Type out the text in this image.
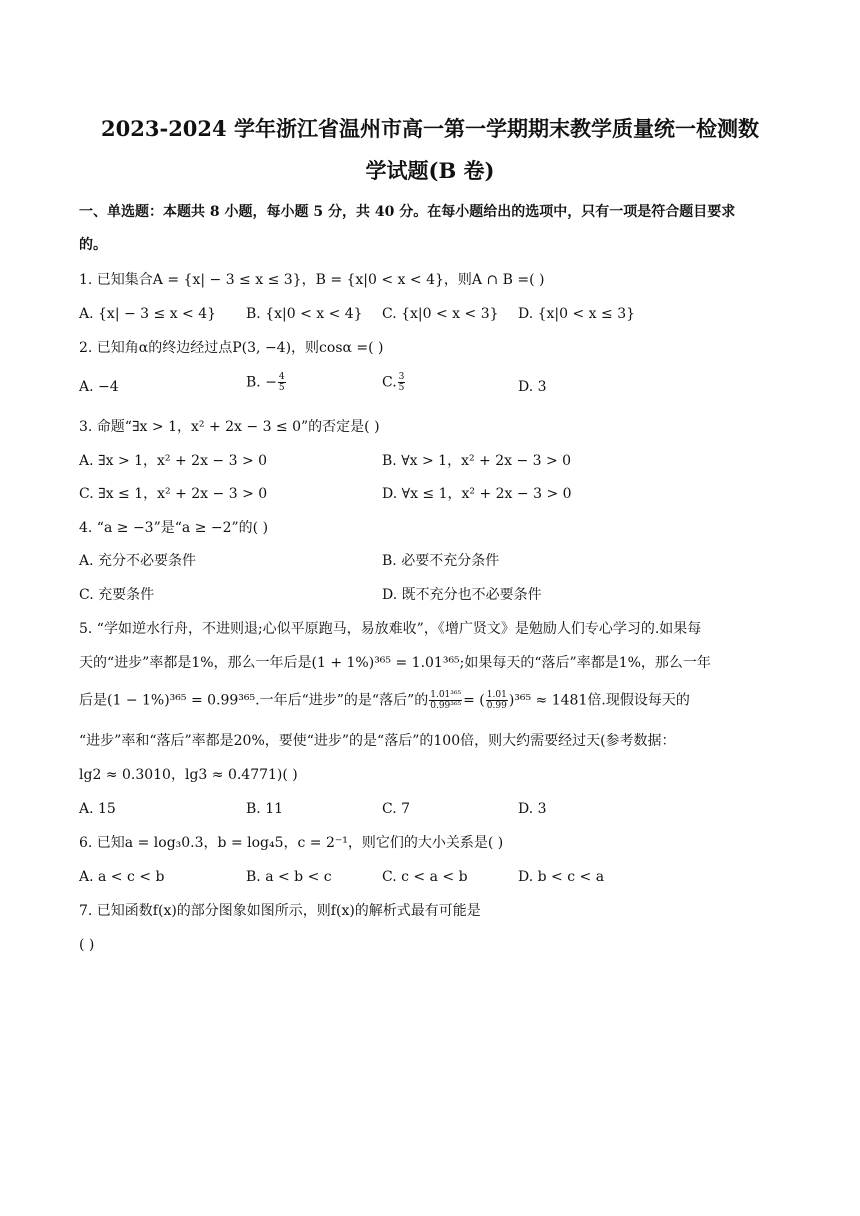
2023-2024 学年浙江省温州市高一第一学期期末教学质量统一检测数
学试题(B 卷)
一、单选题：本题共 8 小题，每小题 5 分，共 40 分。在每小题给出的选项中，只有一项是符合题目要求
的。
1. 已知集合A = {x| − 3 ≤ x ≤ 3}，B = {x|0 < x < 4}，则A ∩ B =( )
A. {x| − 3 ≤ x < 4} B. {x|0 < x < 4} C. {x|0 < x < 3} D. {x|0 < x ≤ 3}
2. 已知角α的终边经过点P(3, −4)，则cosα =( )
A. −4	B. − $\frac{4}{5}$	C. $\frac{3}{5}$	D. 3
3. 命题“∃x > 1，x² + 2x − 3 ≤ 0”的否定是( )
A. ∃x > 1，x² + 2x − 3 > 0	B. ∀x > 1，x² + 2x − 3 > 0
C. ∃x ≤ 1，x² + 2x − 3 > 0	D. ∀x ≤ 1，x² + 2x − 3 > 0
4. “a ≥ −3”是“a ≥ −2”的( )
A. 充分不必要条件	B. 必要不充分条件
C. 充要条件	D. 既不充分也不必要条件
5. “学如逆水行舟，不进则退;心似平原跑马，易放难收”，《增广贤文》是勉励人们专心学习的.如果每
天的“进步”率都是1%，那么一年后是(1 + 1%)³⁶⁵ = 1.01³⁶⁵;如果每天的“落后”率都是1%，那么一年
后是(1 − 1%)³⁶⁵ = 0.99³⁶⁵.一年后“进步”的是“落后”的 $\frac{\text{1.01³⁶⁵}}{\text{0.99³⁶⁵}}$ = ( $\frac{1.01}{0.99} )^{365} \approx 1481$倍.现假设每天的
“进步”率和“落后”率都是20%，要使“进步”的是“落后”的100倍，则大约需要经过天(参考数据：
lg2 ≈ 0.3010，lg3 ≈ 0.4771)( )
A. 15	B. 11	C. 7	D. 3
6. 已知a = log₃0.3，b = log₄5，c = 2⁻¹，则它们的大小关系是( )
A. a < c < b	B. a < b < c	C. c < a < b	D. b < c < a
7. 已知函数f(x)的部分图象如图所示，则f(x)的解析式最有可能是
( )
